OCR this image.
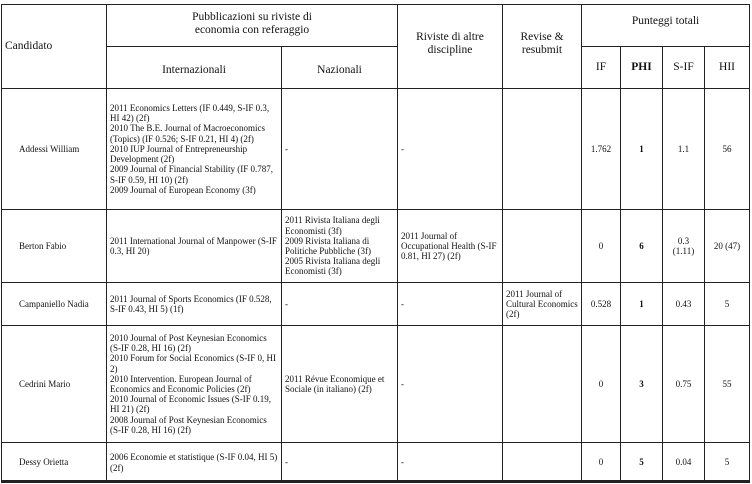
Candidato	Pubblicazioni su riviste di economia con referaggio		Riviste di altre discipline	Revise & resubmit	Punteggi totali			
	Internazionali	Nazionali			IF	PHI	S-IF	HII
Addessi William	2011 Economics Letters (IF 0.449, S-IF 0.3, HI 42) (2f)
2010 The B.E. Journal of Macroeconomics (Topics) (IF 0.526; S-IF 0.21, HI 4) (2f)
2010 IUP Journal of Entrepreneurship Development (2f)
2009 Journal of Financial Stability (IF 0.787, S-IF 0.59, HI 10) (2f)
2009 Journal of European Economy (3f)	-	-		1.762	1	1.1	56
Berton Fabio	2011 International Journal of Manpower (S-IF 0.3, HI 20)	2011 Rivista Italiana degli Economisti (3f)
2009 Rivista Italiana di Politiche Pubbliche (3f)
2005 Rivista Italiana degli Economisti (3f)	2011 Journal of Occupational Health (S-IF 0.81, HI 27) (2f)		0	6	0.3 (1.11)	20 (47)

Campaniello Nadia	2011 Journal of Sports Economics (IF 0.528, S-IF 0.43, HI 5) (1f)	-	-	2011 Journal of Cultural Economics (2f)	0.528	1	0.43	5
Cedrini Mario	2010 Journal of Post Keynesian Economics (S-IF 0.28, HI 16) (2f)
2010 Forum for Social Economics (S-IF 0, HI 2)
2010 Intervention. European Journal of Economics and Economic Policies (2f)
2010 Journal of Economic Issues (S-IF 0.19, HI 21) (2f)
2008 Journal of Post Keynesian Economics (S-IF 0.28, HI 16) (2f)	2011 Révue Economique et Sociale (in italiano) (2f)	-		0	3	0.75	55
Dessy Orietta	2006 Economie et statistique (S-IF 0.04, HI 5) (2f)	-	-		0	5	0.04	5
